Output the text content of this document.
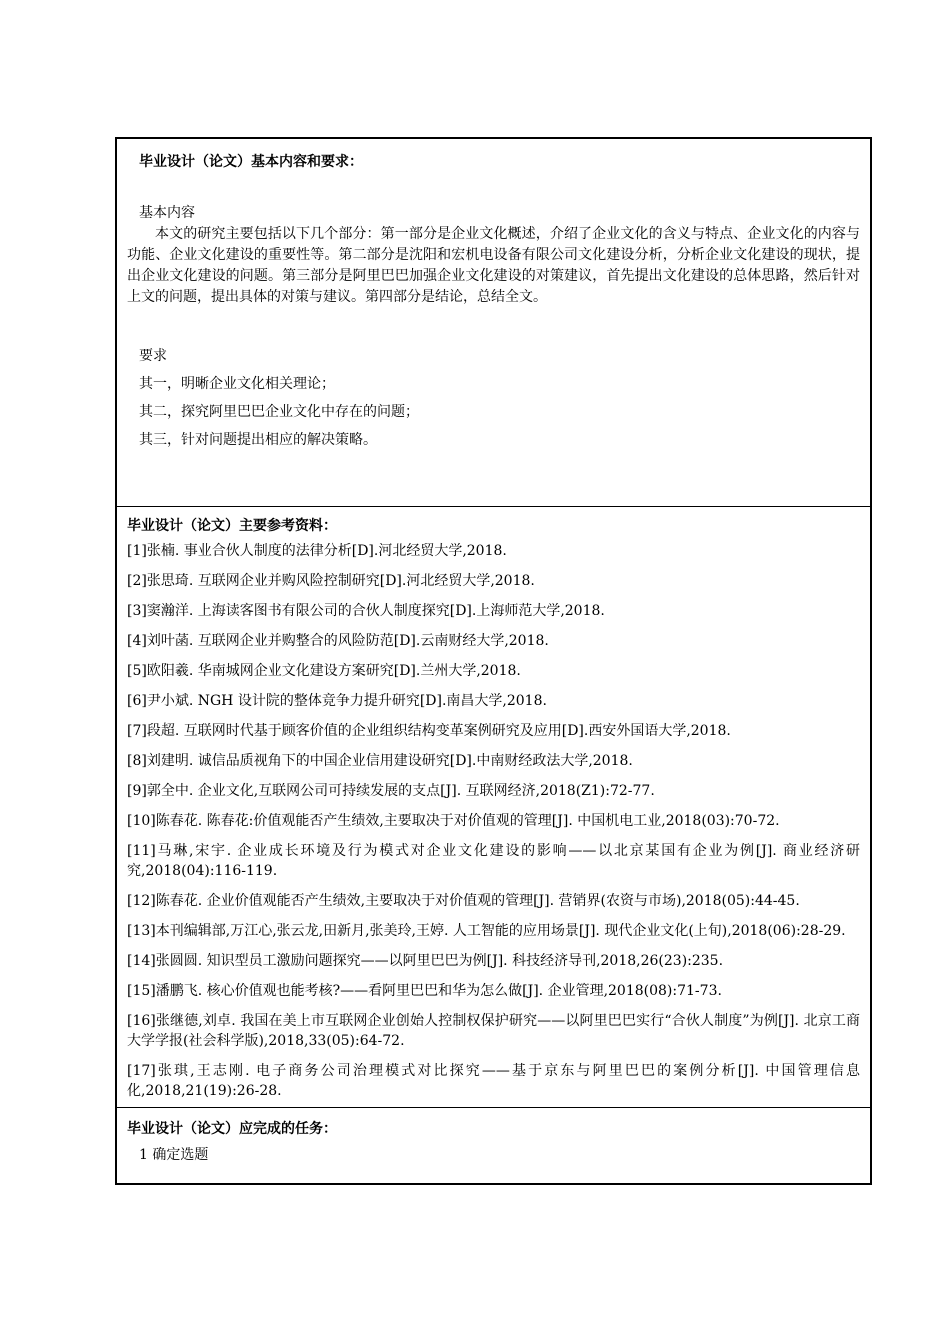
毕业设计（论文）基本内容和要求：

基本内容

本文的研究主要包括以下几个部分：第一部分是企业文化概述，介绍了企业文化的含义与特点、企业文化的内容与功能、企业文化建设的重要性等。第二部分是沈阳和宏机电设备有限公司文化建设分析，分析企业文化建设的现状，提出企业文化建设的问题。第三部分是阿里巴巴加强企业文化建设的对策建议，首先提出文化建设的总体思路，然后针对上文的问题，提出具体的对策与建议。第四部分是结论，总结全文。

要求

其一，明晰企业文化相关理论；

其二，探究阿里巴巴企业文化中存在的问题；

其三，针对问题提出相应的解决策略。

毕业设计（论文）主要参考资料：

[1]张楠. 事业合伙人制度的法律分析[D].河北经贸大学,2018.

[2]张思琦. 互联网企业并购风险控制研究[D].河北经贸大学,2018.

[3]窦瀚洋. 上海读客图书有限公司的合伙人制度探究[D].上海师范大学,2018.

[4]刘叶菡. 互联网企业并购整合的风险防范[D].云南财经大学,2018.

[5]欧阳羲. 华南城网企业文化建设方案研究[D].兰州大学,2018.

[6]尹小斌. NGH 设计院的整体竞争力提升研究[D].南昌大学,2018.

[7]段超. 互联网时代基于顾客价值的企业组织结构变革案例研究及应用[D].西安外国语大学,2018.

[8]刘建明. 诚信品质视角下的中国企业信用建设研究[D].中南财经政法大学,2018.

[9]郭全中. 企业文化,互联网公司可持续发展的支点[J]. 互联网经济,2018(Z1):72-77.

[10]陈春花. 陈春花:价值观能否产生绩效,主要取决于对价值观的管理[J]. 中国机电工业,2018(03):70-72.

[11]马琳,宋宇. 企业成长环境及行为模式对企业文化建设的影响——以北京某国有企业为例[J]. 商业经济研究,2018(04):116-119.

[12]陈春花. 企业价值观能否产生绩效,主要取决于对价值观的管理[J]. 营销界(农资与市场),2018(05):44-45.

[13]本刊编辑部,万江心,张云龙,田新月,张美玲,王婷. 人工智能的应用场景[J]. 现代企业文化(上旬),2018(06):28-29.

[14]张圆圆. 知识型员工激励问题探究——以阿里巴巴为例[J]. 科技经济导刊,2018,26(23):235.

[15]潘鹏飞. 核心价值观也能考核?——看阿里巴巴和华为怎么做[J]. 企业管理,2018(08):71-73.

[16]张继德,刘卓. 我国在美上市互联网企业创始人控制权保护研究——以阿里巴巴实行“合伙人制度”为例[J]. 北京工商大学学报(社会科学版),2018,33(05):64-72.

[17]张琪,王志刚. 电子商务公司治理模式对比探究——基于京东与阿里巴巴的案例分析[J]. 中国管理信息化,2018,21(19):26-28.

毕业设计（论文）应完成的任务：

1 确定选题
